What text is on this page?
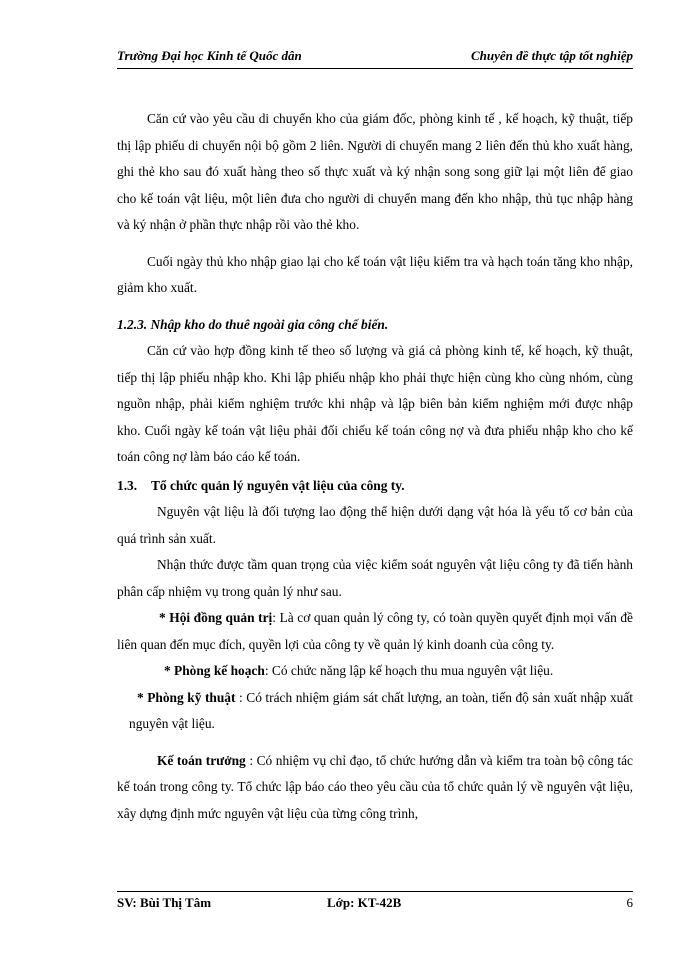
Trường Đại học Kinh tế Quốc dân	Chuyên đề thực tập tốt nghiệp

Căn cứ vào yêu cầu di chuyển kho của giám đốc, phòng kinh tế , kế hoạch, kỹ thuật, tiếp thị lập phiếu di chuyển nội bộ gồm 2 liên. Người di chuyển mang 2 liên đến thủ kho xuất hàng, ghi thẻ kho sau đó xuất hàng theo số thực xuất và ký nhận song song giữ lại một liên để giao cho kế toán vật liệu, một liên đưa cho người di chuyển mang đến kho nhập, thủ tục nhập hàng và ký nhận ở phần thực nhập rồi vào thẻ kho.

Cuối ngày thủ kho nhập giao lại cho kế toán vật liệu kiểm tra và hạch toán tăng kho nhập, giảm kho xuất.

1.2.3. Nhập kho do thuê ngoài gia công chế biến.

Căn cứ vào hợp đồng kinh tế theo số lượng và giá cả phòng kinh tế, kế hoạch, kỹ thuật, tiếp thị lập phiếu nhập kho. Khi lập phiếu nhập kho phải thực hiện cùng kho cùng nhóm, cùng nguồn nhập, phải kiểm nghiệm trước khi nhập và lập biên bản kiểm nghiệm mới được nhập kho. Cuối ngày kế toán vật liệu phải đối chiếu kế toán công nợ và đưa phiếu nhập kho cho kế toán công nợ làm báo cáo kế toán.

1.3. Tổ chức quản lý nguyên vật liệu của công ty.

Nguyên vật liệu là đối tượng lao động thể hiện dưới dạng vật hóa là yếu tố cơ bản của quá trình sản xuất.

Nhận thức được tầm quan trọng của việc kiểm soát nguyên vật liệu công ty đã tiến hành phân cấp nhiệm vụ trong quản lý như sau.

* Hội đồng quản trị: Là cơ quan quản lý công ty, có toàn quyền quyết định mọi vấn đề liên quan đến mục đích, quyền lợi của công ty về quản lý kinh doanh của công ty.

* Phòng kế hoạch: Có chức năng lập kế hoạch thu mua nguyên vật liệu.

* Phòng kỹ thuật : Có trách nhiệm giám sát chất lượng, an toàn, tiến độ sản xuất nhập xuất nguyên vật liệu.

Kế toán trưởng : Có nhiệm vụ chỉ đạo, tổ chức hướng dẫn và kiểm tra toàn bộ công tác kế toán trong công ty. Tổ chức lập báo cáo theo yêu cầu của tổ chức quản lý về nguyên vật liệu, xây dựng định mức nguyên vật liệu của từng công trình,

SV: Bùi Thị Tâm	Lớp: KT-42B	6
